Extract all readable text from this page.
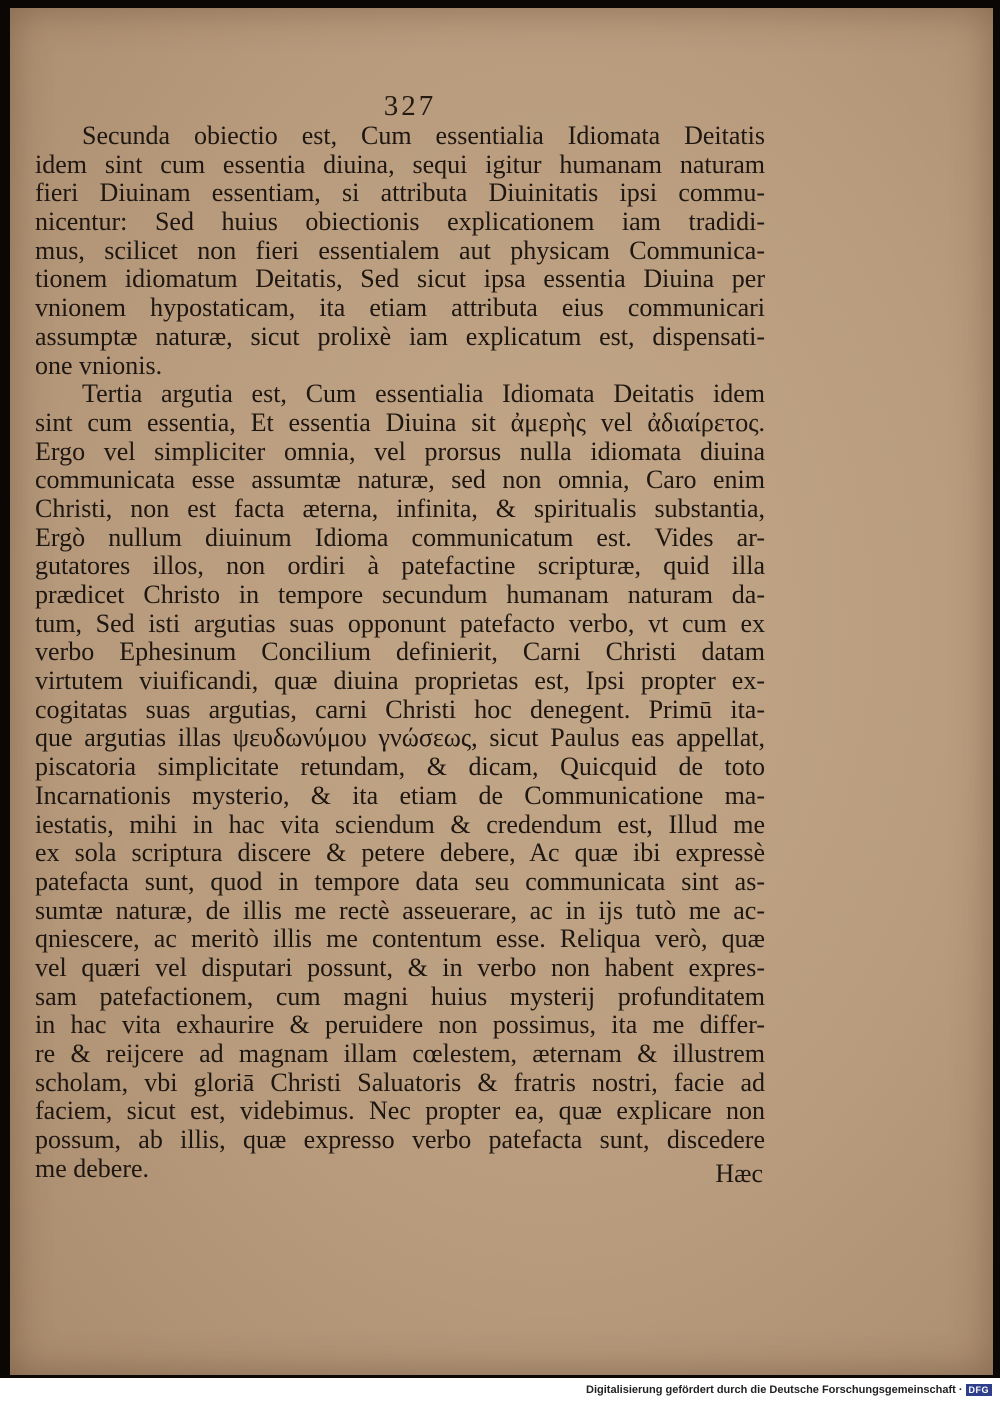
327
Secunda obiectio est, Cum essentialia Idiomata Deitatis
idem sint cum essentia diuina, sequi igitur humanam naturam
fieri Diuinam essentiam, si attributa Diuinitatis ipsi commu-
nicentur: Sed huius obiectionis explicationem iam tradidi-
mus, scilicet non fieri essentialem aut physicam Communica-
tionem idiomatum Deitatis, Sed sicut ipsa essentia Diuina per
vnionem hypostaticam, ita etiam attributa eius communicari
assumptæ naturæ, sicut prolixè iam explicatum est, dispensati-
one vnionis.
Tertia argutia est, Cum essentialia Idiomata Deitatis idem
sint cum essentia, Et essentia Diuina sit ἀμερὴς vel ἀδιαίρετος.
Ergo vel simpliciter omnia, vel prorsus nulla idiomata diuina
communicata esse assumtæ naturæ, sed non omnia, Caro enim
Christi, non est facta æterna, infinita, & spiritualis substantia,
Ergò nullum diuinum Idioma communicatum est. Vides ar-
gutatores illos, non ordiri à patefactine scripturæ, quid illa
prædicet Christo in tempore secundum humanam naturam da-
tum, Sed isti argutias suas opponunt patefacto verbo, vt cum ex
verbo Ephesinum Concilium definierit, Carni Christi datam
virtutem viuificandi, quæ diuina proprietas est, Ipsi propter ex-
cogitatas suas argutias, carni Christi hoc denegent. Primū ita-
que argutias illas ψευδωνύμου γνώσεως, sicut Paulus eas appellat,
piscatoria simplicitate retundam, & dicam, Quicquid de toto
Incarnationis mysterio, & ita etiam de Communicatione ma-
iestatis, mihi in hac vita sciendum & credendum est, Illud me
ex sola scriptura discere & petere debere, Ac quæ ibi expressè
patefacta sunt, quod in tempore data seu communicata sint as-
sumtæ naturæ, de illis me rectè asseuerare, ac in ijs tutò me ac-
qniescere, ac meritò illis me contentum esse. Reliqua verò, quæ
vel quæri vel disputari possunt, & in verbo non habent expres-
sam patefactionem, cum magni huius mysterij profunditatem
in hac vita exhaurire & peruidere non possimus, ita me differ-
re & reijcere ad magnam illam cœlestem, æternam & illustrem
scholam, vbi gloriā Christi Saluatoris & fratris nostri, facie ad
faciem, sicut est, videbimus. Nec propter ea, quæ explicare non
possum, ab illis, quæ expresso verbo patefacta sunt, discedere
me debere.	Hæc
Digitalisierung gefördert durch die Deutsche Forschungsgemeinschaft · DFG
